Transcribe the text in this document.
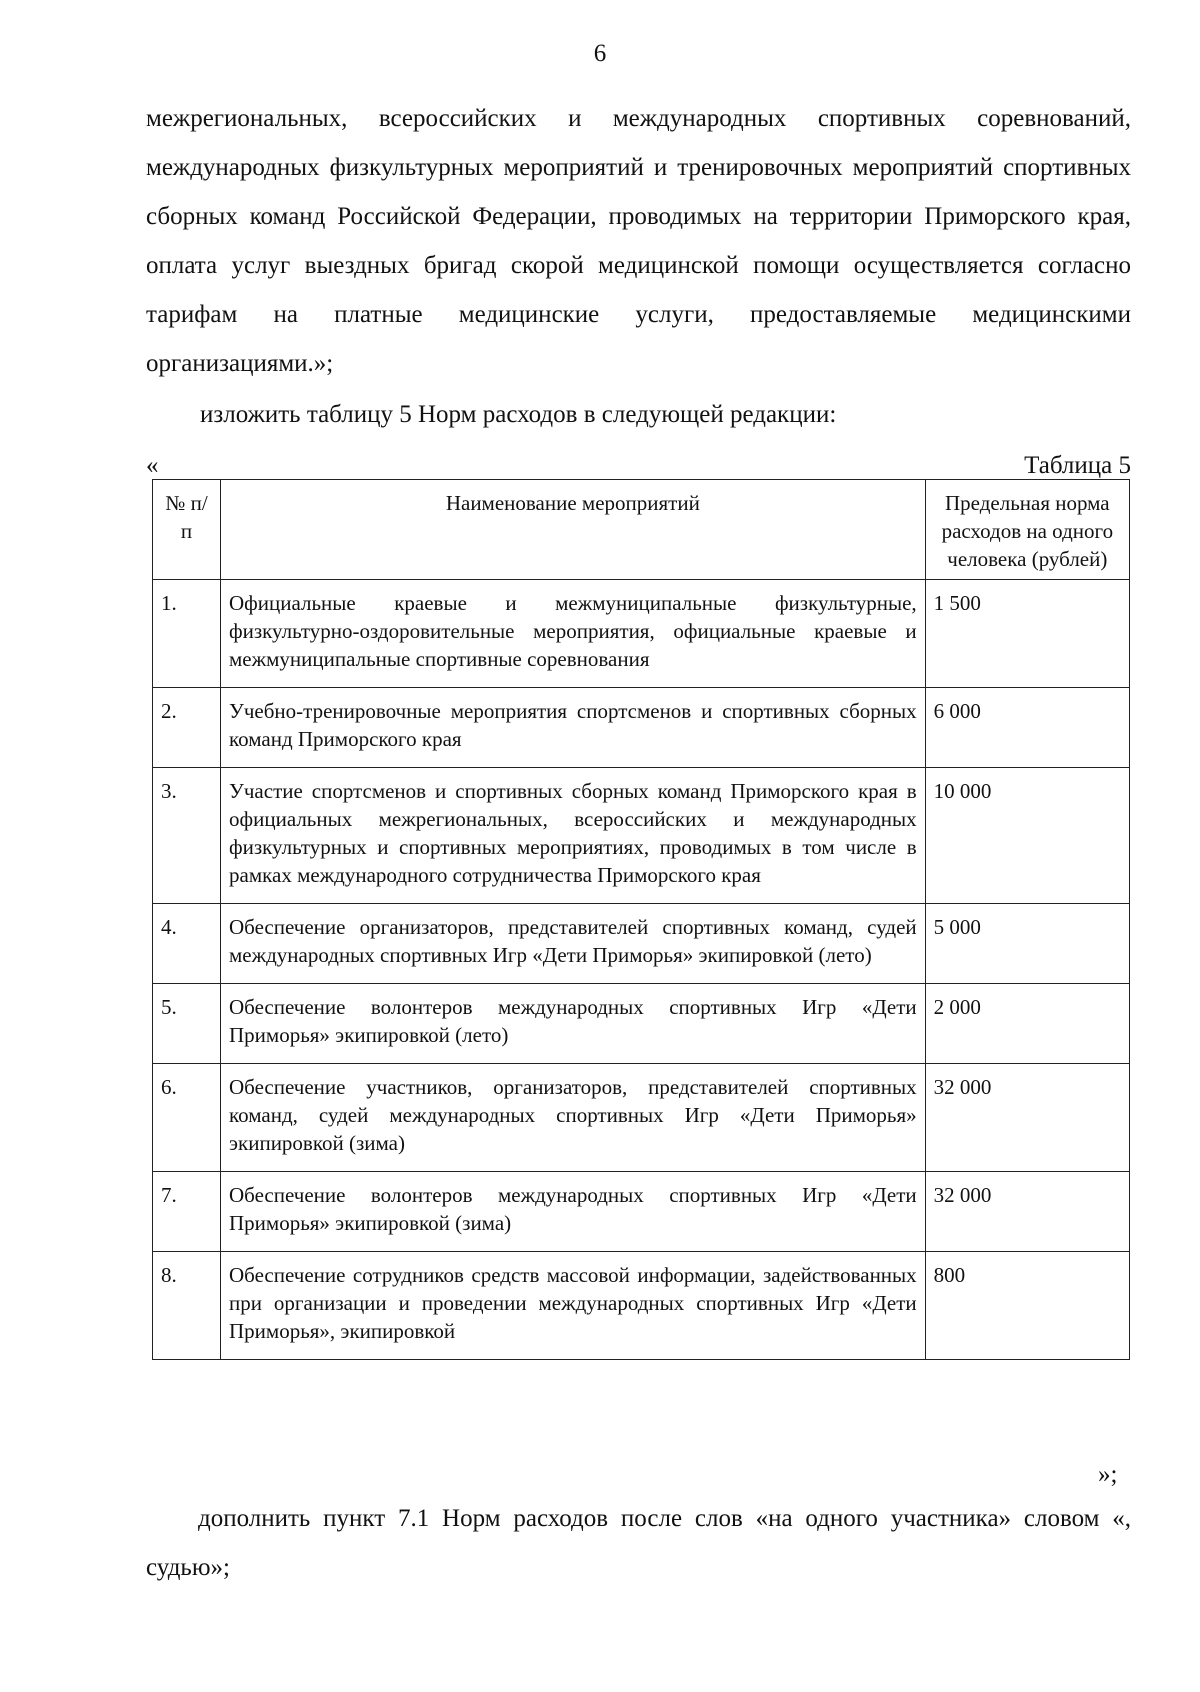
6

межрегиональных, всероссийских и международных спортивных соревнований, международных физкультурных мероприятий и тренировочных мероприятий спортивных сборных команд Российской Федерации, проводимых на территории Приморского края, оплата услуг выездных бригад скорой медицинской помощи осуществляется согласно тарифам на платные медицинские услуги, предоставляемые медицинскими организациями.»;

изложить таблицу 5 Норм расходов в следующей редакции:
«	Таблица 5
№ п/п	Наименование мероприятий	Предельная норма расходов на одного человека (рублей)
1.	Официальные краевые и межмуниципальные физкультурные, физкультурно-оздоровительные мероприятия, официальные краевые и межмуниципальные спортивные соревнования	1 500
2.	Учебно-тренировочные мероприятия спортсменов и спортивных сборных команд Приморского края	6 000
3.	Участие спортсменов и спортивных сборных команд Приморского края в официальных межрегиональных, всероссийских и международных физкультурных и спортивных мероприятиях, проводимых в том числе в рамках международного сотрудничества Приморского края	10 000
4.	Обеспечение организаторов, представителей спортивных команд, судей международных спортивных Игр «Дети Приморья» экипировкой (лето)	5 000
5.	Обеспечение волонтеров международных спортивных Игр «Дети Приморья» экипировкой (лето)	2 000
6.	Обеспечение участников, организаторов, представителей спортивных команд, судей международных спортивных Игр «Дети Приморья» экипировкой (зима)	32 000
7.	Обеспечение волонтеров международных спортивных Игр «Дети Приморья» экипировкой (зима)	32 000
8.	Обеспечение сотрудников средств массовой информации, задействованных при организации и проведении международных спортивных Игр «Дети Приморья», экипировкой	800
»;

дополнить пункт 7.1 Норм расходов после слов «на одного участника» словом «, судью»;
